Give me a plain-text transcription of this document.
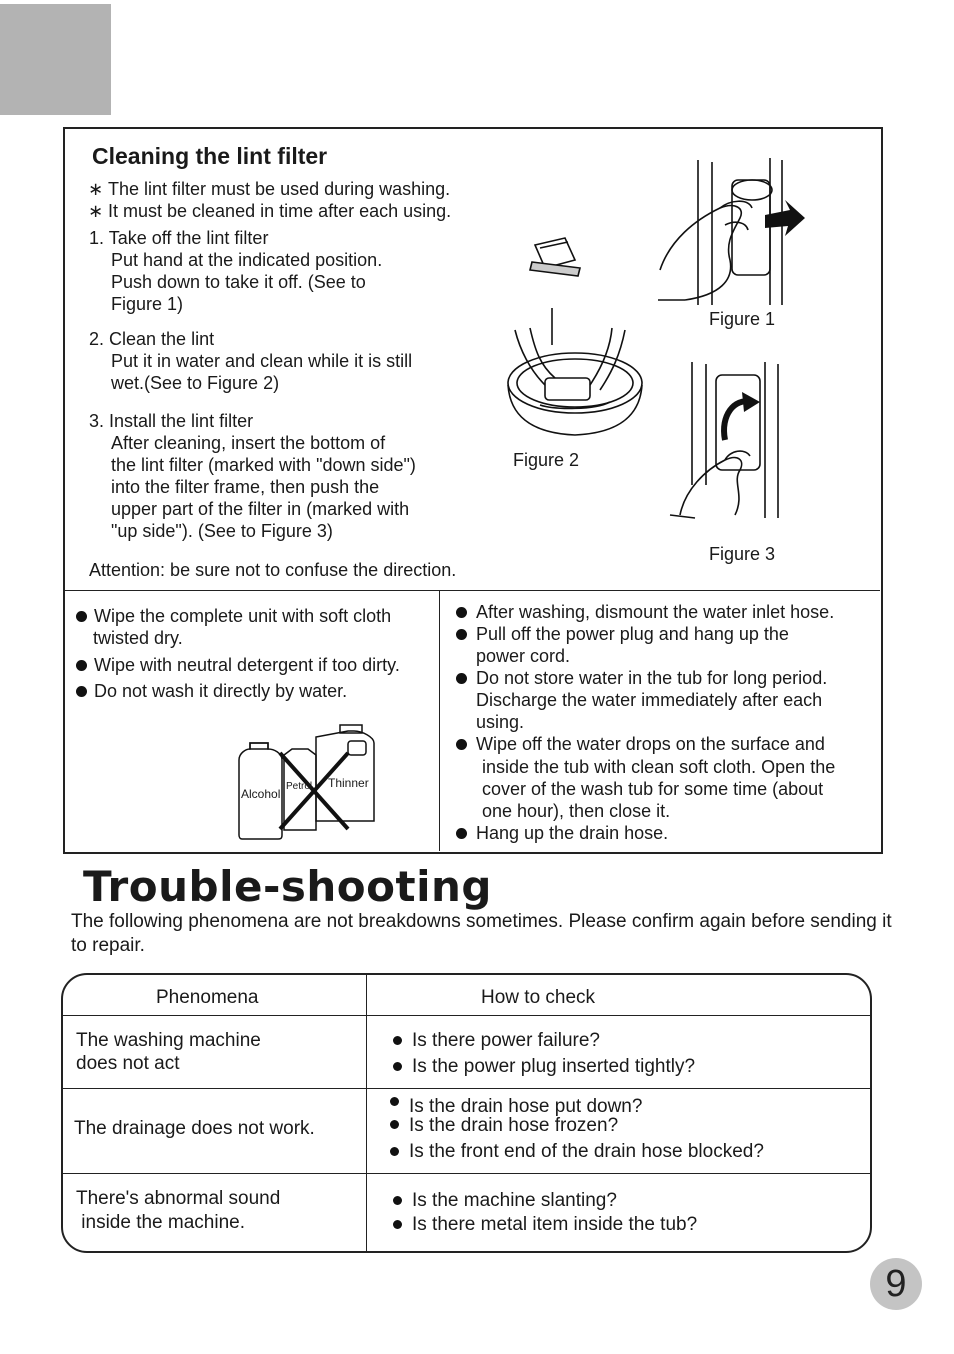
Cleaning the lint filter
∗ The lint filter must be used during washing.
∗ It must be cleaned in time after each using.
1. Take off the lint filter
Put hand at the indicated position.
Push down to take it off. (See to
Figure 1)
2. Clean the lint
Put it in water and clean while it is still
wet.(See to Figure 2)
3. Install the lint filter
After cleaning, insert the bottom of
the lint filter (marked with "down side")
into the filter frame, then push the
upper part of the filter in (marked with
"up side"). (See to Figure 3)
Attention: be sure not to confuse the direction.
Figure 1
Figure 2
Figure 3
Wipe the complete unit with soft cloth
twisted dry.
Wipe with neutral detergent if too dirty.
Do not wash it directly by water.
Alcohol
Petrol Thinner
After washing, dismount the water inlet hose.
Pull off the power plug and hang up the
power cord.
Do not store water in the tub for long period.
Discharge the water immediately after each
using.
Wipe off the water drops on the surface and
inside the tub with clean soft cloth. Open the
cover of the wash tub for some time (about
one hour), then close it.
Hang up the drain hose.
Trouble-shooting
The following phenomena are not breakdowns sometimes. Please confirm again before sending it to repair.
Phenomena	How to check
The washing machine
does not act
Is there power failure?
Is the power plug inserted tightly?
The drainage does not work.
Is the drain hose put down?
Is the drain hose frozen?
Is the front end of the drain hose blocked?
There's abnormal sound
inside the machine.
Is the machine slanting?
Is there metal item inside the tub?
9
